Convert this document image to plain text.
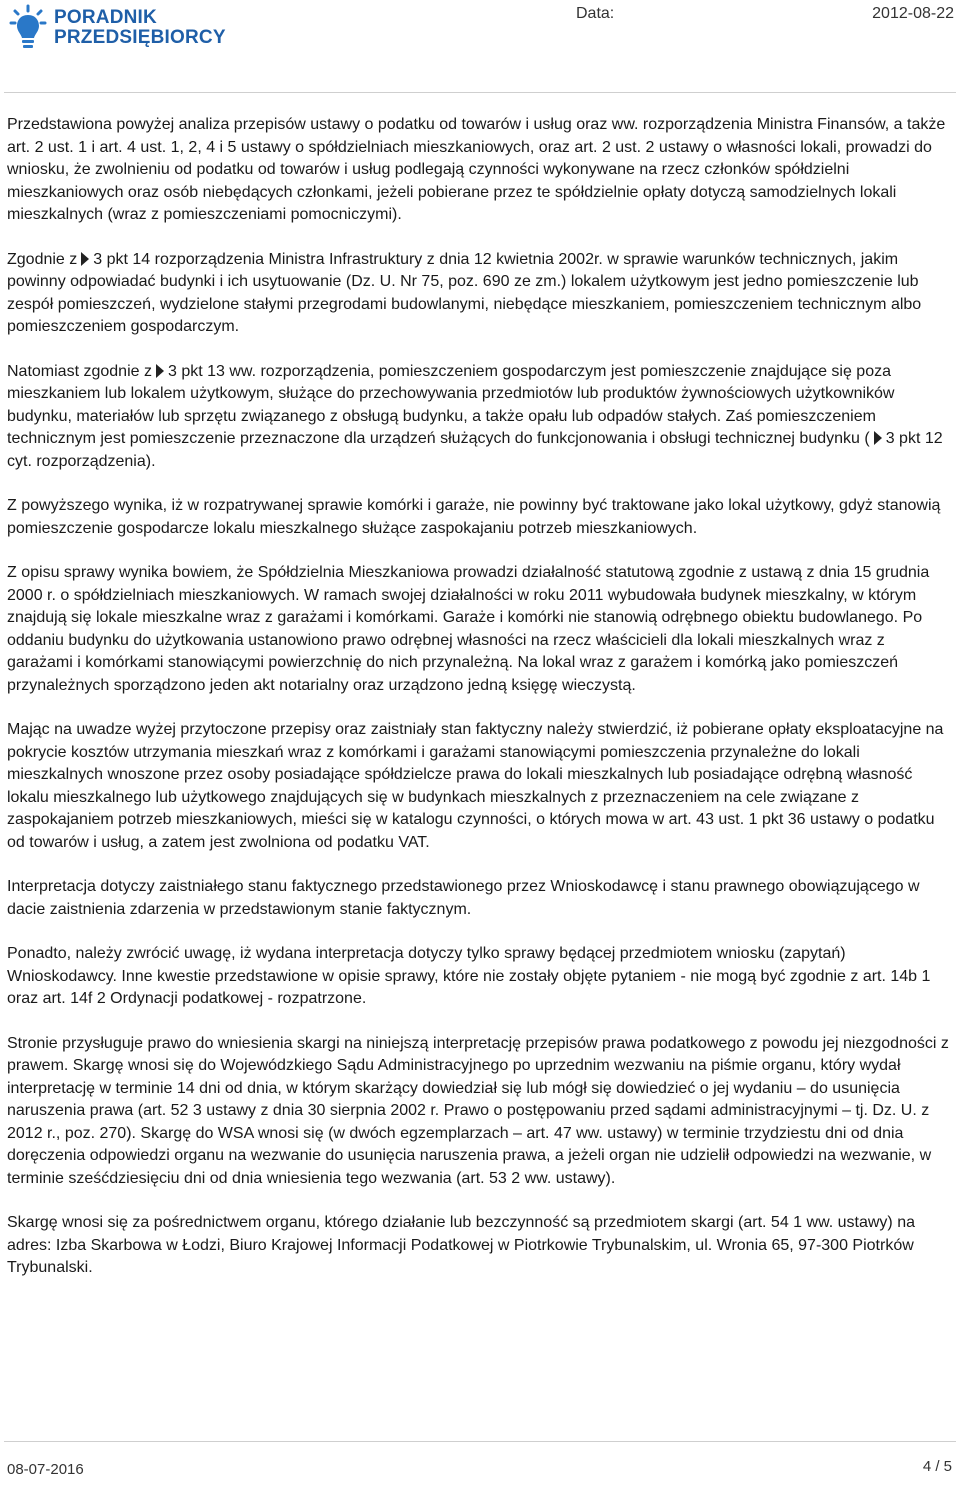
PORADNIK
PRZEDSIĘBIORCY
Data:	2012-08-22

Przedstawiona powyżej analiza przepisów ustawy o podatku od towarów i usług oraz ww. rozporządzenia Ministra Finansów, a także art. 2 ust. 1 i art. 4 ust. 1, 2, 4 i 5 ustawy o spółdzielniach mieszkaniowych, oraz art. 2 ust. 2 ustawy o własności lokali, prowadzi do wniosku, że zwolnieniu od podatku od towarów i usług podlegają czynności wykonywane na rzecz członków spółdzielni mieszkaniowych oraz osób niebędących członkami, jeżeli pobierane przez te spółdzielnie opłaty dotyczą samodzielnych lokali mieszkalnych (wraz z pomieszczeniami pomocniczymi).

Zgodnie z 3 pkt 14 rozporządzenia Ministra Infrastruktury z dnia 12 kwietnia 2002r. w sprawie warunków technicznych, jakim powinny odpowiadać budynki i ich usytuowanie (Dz. U. Nr 75, poz. 690 ze zm.) lokalem użytkowym jest jedno pomieszczenie lub zespół pomieszczeń, wydzielone stałymi przegrodami budowlanymi, niebędące mieszkaniem, pomieszczeniem technicznym albo pomieszczeniem gospodarczym.

Natomiast zgodnie z 3 pkt 13 ww. rozporządzenia, pomieszczeniem gospodarczym jest pomieszczenie znajdujące się poza mieszkaniem lub lokalem użytkowym, służące do przechowywania przedmiotów lub produktów żywnościowych użytkowników budynku, materiałów lub sprzętu związanego z obsługą budynku, a także opału lub odpadów stałych. Zaś pomieszczeniem technicznym jest pomieszczenie przeznaczone dla urządzeń służących do funkcjonowania i obsługi technicznej budynku ( 3 pkt 12 cyt. rozporządzenia).

Z powyższego wynika, iż w rozpatrywanej sprawie komórki i garaże, nie powinny być traktowane jako lokal użytkowy, gdyż stanowią pomieszczenie gospodarcze lokalu mieszkalnego służące zaspokajaniu potrzeb mieszkaniowych.

Z opisu sprawy wynika bowiem, że Spółdzielnia Mieszkaniowa prowadzi działalność statutową zgodnie z ustawą z dnia 15 grudnia 2000 r. o spółdzielniach mieszkaniowych. W ramach swojej działalności w roku 2011 wybudowała budynek mieszkalny, w którym znajdują się lokale mieszkalne wraz z garażami i komórkami. Garaże i komórki nie stanowią odrębnego obiektu budowlanego. Po oddaniu budynku do użytkowania ustanowiono prawo odrębnej własności na rzecz właścicieli dla lokali mieszkalnych wraz z garażami i komórkami stanowiącymi powierzchnię do nich przynależną. Na lokal wraz z garażem i komórką jako pomieszczeń przynależnych sporządzono jeden akt notarialny oraz urządzono jedną księgę wieczystą.

Mając na uwadze wyżej przytoczone przepisy oraz zaistniały stan faktyczny należy stwierdzić, iż pobierane opłaty eksploatacyjne na pokrycie kosztów utrzymania mieszkań wraz z komórkami i garażami stanowiącymi pomieszczenia przynależne do lokali mieszkalnych wnoszone przez osoby posiadające spółdzielcze prawa do lokali mieszkalnych lub posiadające odrębną własność lokalu mieszkalnego lub użytkowego znajdujących się w budynkach mieszkalnych z przeznaczeniem na cele związane z zaspokajaniem potrzeb mieszkaniowych, mieści się w katalogu czynności, o których mowa w art. 43 ust. 1 pkt 36 ustawy o podatku od towarów i usług, a zatem jest zwolniona od podatku VAT.

Interpretacja dotyczy zaistniałego stanu faktycznego przedstawionego przez Wnioskodawcę i stanu prawnego obowiązującego w dacie zaistnienia zdarzenia w przedstawionym stanie faktycznym.

Ponadto, należy zwrócić uwagę, iż wydana interpretacja dotyczy tylko sprawy będącej przedmiotem wniosku (zapytań) Wnioskodawcy. Inne kwestie przedstawione w opisie sprawy, które nie zostały objęte pytaniem - nie mogą być zgodnie z art. 14b 1 oraz art. 14f 2 Ordynacji podatkowej - rozpatrzone.

Stronie przysługuje prawo do wniesienia skargi na niniejszą interpretację przepisów prawa podatkowego z powodu jej niezgodności z prawem. Skargę wnosi się do Wojewódzkiego Sądu Administracyjnego po uprzednim wezwaniu na piśmie organu, który wydał interpretację w terminie 14 dni od dnia, w którym skarżący dowiedział się lub mógł się dowiedzieć o jej wydaniu – do usunięcia naruszenia prawa (art. 52 3 ustawy z dnia 30 sierpnia 2002 r. Prawo o postępowaniu przed sądami administracyjnymi – tj. Dz. U. z 2012 r., poz. 270). Skargę do WSA wnosi się (w dwóch egzemplarzach – art. 47 ww. ustawy) w terminie trzydziestu dni od dnia doręczenia odpowiedzi organu na wezwanie do usunięcia naruszenia prawa, a jeżeli organ nie udzielił odpowiedzi na wezwanie, w terminie sześćdziesięciu dni od dnia wniesienia tego wezwania (art. 53 2 ww. ustawy).

Skargę wnosi się za pośrednictwem organu, którego działanie lub bezczynność są przedmiotem skargi (art. 54 1 ww. ustawy) na adres: Izba Skarbowa w Łodzi, Biuro Krajowej Informacji Podatkowej w Piotrkowie Trybunalskim, ul. Wronia 65, 97-300 Piotrków Trybunalski.

08-07-2016	4 / 5
